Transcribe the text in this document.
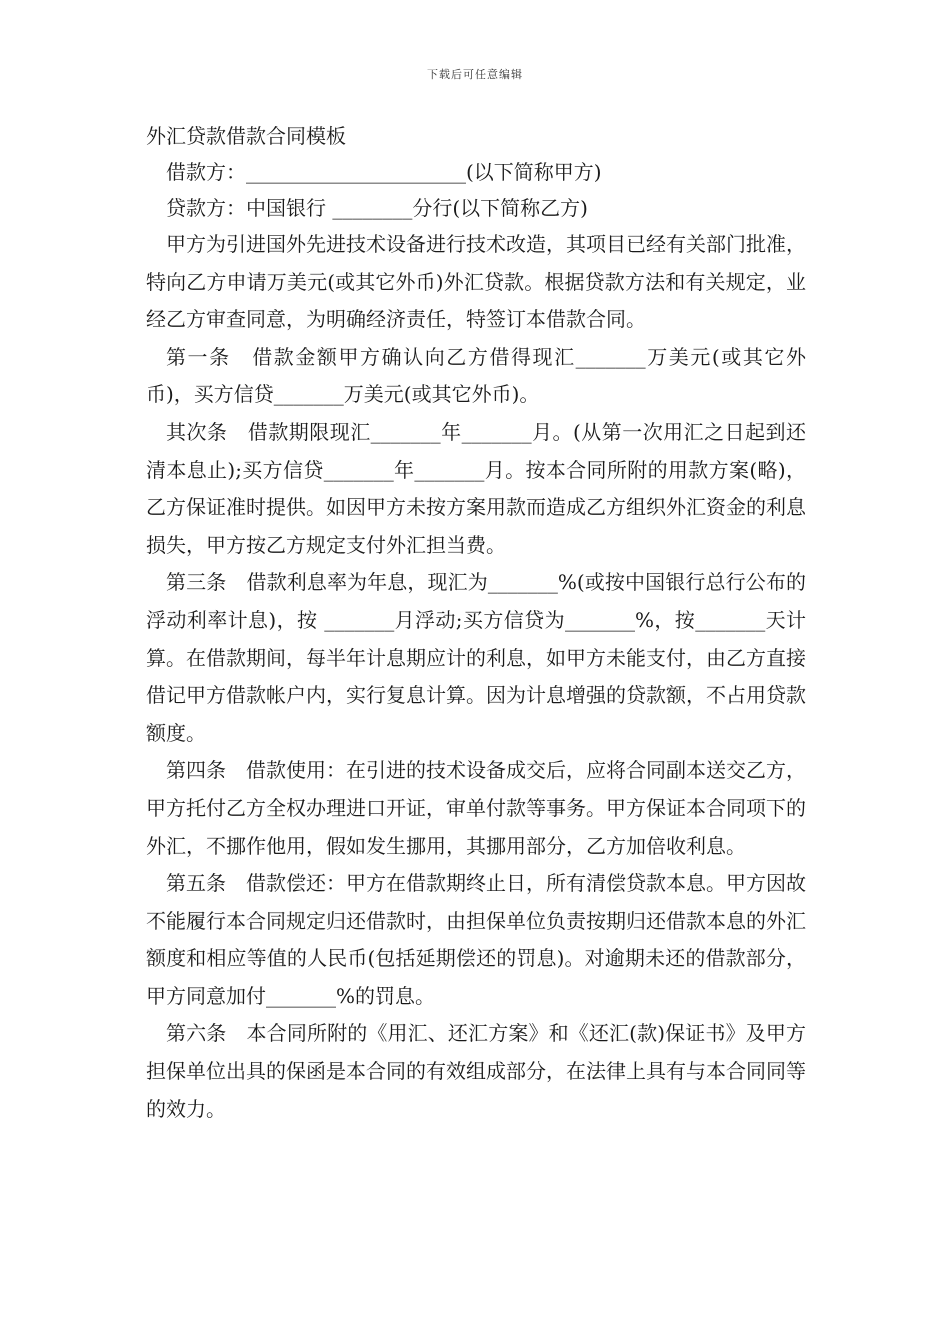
下载后可任意编辑

外汇贷款借款合同模板

借款方：______________________(以下简称甲方)

贷款方：中国银行 ________分行(以下简称乙方)

甲方为引进国外先进技术设备进行技术改造，其项目已经有关部门批准，特向乙方申请万美元(或其它外币)外汇贷款。根据贷款方法和有关规定，业经乙方审查同意，为明确经济责任，特签订本借款合同。

第一条　借款金额甲方确认向乙方借得现汇_______万美元(或其它外币)，买方信贷_______万美元(或其它外币)。

其次条　借款期限现汇_______年_______月。(从第一次用汇之日起到还清本息止);买方信贷_______年_______月。按本合同所附的用款方案(略)，乙方保证准时提供。如因甲方未按方案用款而造成乙方组织外汇资金的利息损失，甲方按乙方规定支付外汇担当费。

第三条　借款利息率为年息，现汇为_______%(或按中国银行总行公布的浮动利率计息)，按 _______月浮动;买方信贷为_______%，按_______天计算。在借款期间，每半年计息期应计的利息，如甲方未能支付，由乙方直接借记甲方借款帐户内，实行复息计算。因为计息增强的贷款额，不占用贷款额度。

第四条　借款使用：在引进的技术设备成交后，应将合同副本送交乙方，甲方托付乙方全权办理进口开证，审单付款等事务。甲方保证本合同项下的外汇，不挪作他用，假如发生挪用，其挪用部分，乙方加倍收利息。

第五条　借款偿还：甲方在借款期终止日，所有清偿贷款本息。甲方因故不能履行本合同规定归还借款时，由担保单位负责按期归还借款本息的外汇额度和相应等值的人民币(包括延期偿还的罚息)。对逾期未还的借款部分，甲方同意加付_______%的罚息。

第六条　本合同所附的《用汇、还汇方案》和《还汇(款)保证书》及甲方担保单位出具的保函是本合同的有效组成部分，在法律上具有与本合同同等的效力。
